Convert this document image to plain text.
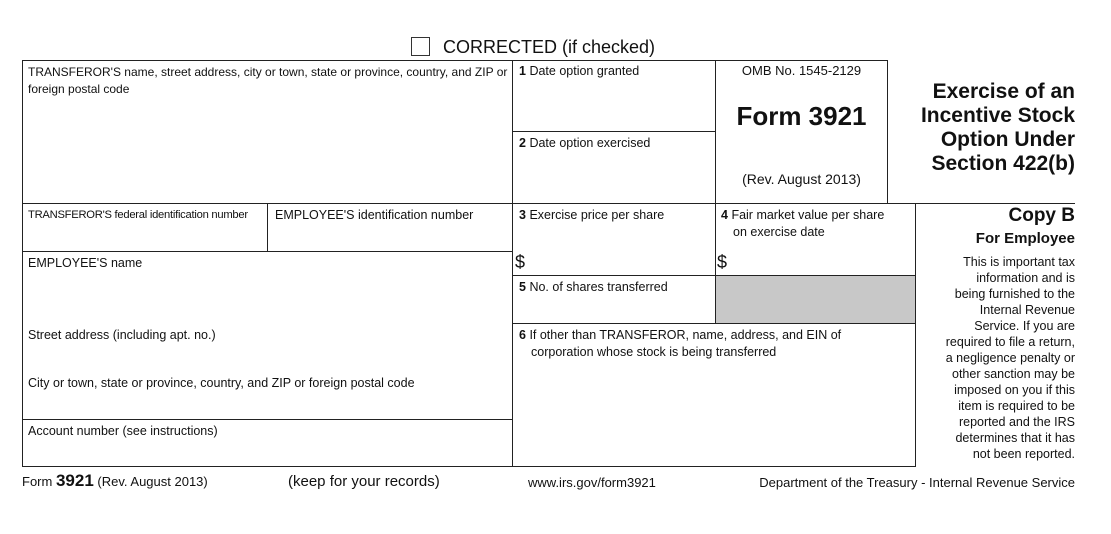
CORRECTED (if checked)
TRANSFEROR'S name, street address, city or town, state or province, country, and ZIP or foreign postal code
TRANSFEROR'S federal identification number EMPLOYEE'S identification number
EMPLOYEE'S name
Street address (including apt. no.)
City or town, state or province, country, and ZIP or foreign postal code
Account number (see instructions)
1 Date option granted
2 Date option exercised
3 Exercise price per share
$
4 Fair market value per share
on exercise date
$
5 No. of shares transferred
6 If other than TRANSFEROR, name, address, and EIN of
corporation whose stock is being transferred
OMB No. 1545-2129
Form 3921
(Rev. August 2013)
Exercise of an
Incentive Stock
Option Under
Section 422(b)
Copy B
For Employee
This is important tax
information and is
being furnished to the
Internal Revenue
Service. If you are
required to file a return,
a negligence penalty or
other sanction may be
imposed on you if this
item is required to be
reported and the IRS
determines that it has
not been reported.
Form 3921 (Rev. August 2013)	(keep for your records)	www.irs.gov/form3921	Department of the Treasury - Internal Revenue Service
